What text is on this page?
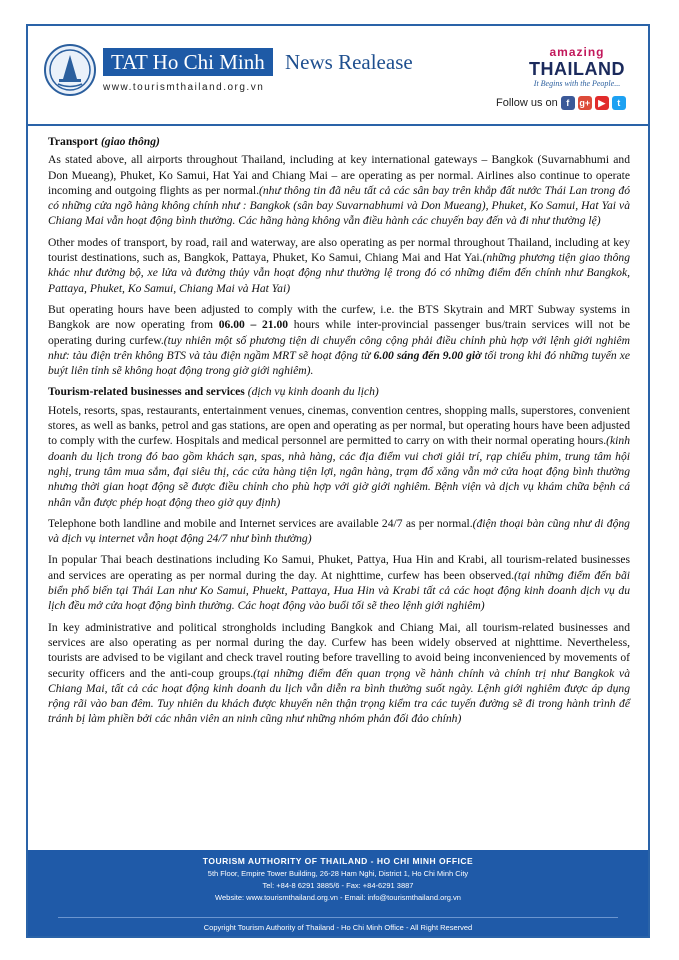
TAT Ho Chi Minh News Realease
www.tourismthailand.org.vn
amazing
THAILAND
It Begins with the People...
Follow us on f	g+ ▶	t

Transport (giao thông)

As stated above, all airports throughout Thailand, including at key international gateways – Bangkok (Suvarnabhumi and Don Mueang), Phuket, Ko Samui, Hat Yai and Chiang Mai – are operating as per normal. Airlines also continue to operate incoming and outgoing flights as per normal.(như thông tin đã nêu tất cả các sân bay trên khắp đất nước Thái Lan trong đó có những cửa ngõ hàng không chính như : Bangkok (sân bay Suvarnabhumi và Don Mueang), Phuket, Ko Samui, Hat Yai và Chiang Mai vẫn hoạt động bình thường. Các hãng hàng không vẫn điều hành các chuyến bay đến và đi như thường lệ)

Other modes of transport, by road, rail and waterway, are also operating as per normal throughout Thailand, including at key tourist destinations, such as, Bangkok, Pattaya, Phuket, Ko Samui, Chiang Mai and Hat Yai.(những phương tiện giao thông khác như đường bộ, xe lửa và đường thủy vẫn hoạt động như thường lệ trong đó có những điểm đến chính như Bangkok, Pattaya, Phuket, Ko Samui, Chiang Mai và Hat Yai)

But operating hours have been adjusted to comply with the curfew, i.e. the BTS Skytrain and MRT Subway systems in Bangkok are now operating from 06.00 – 21.00 hours while inter-provincial passenger bus/train services will not be operating during curfew.(tuy nhiên một số phương tiện di chuyển công cộng phải điều chỉnh phù hợp với lệnh giới nghiêm như: tàu điện trên không BTS và tàu điện ngầm MRT sẽ hoạt động từ 6.00 sáng đến 9.00 giờ tối trong khi đó những tuyến xe buýt liên tỉnh sẽ không hoạt động trong giờ giới nghiêm).

Tourism-related businesses and services (dịch vụ kinh doanh du lịch)

Hotels, resorts, spas, restaurants, entertainment venues, cinemas, convention centres, shopping malls, superstores, convenient stores, as well as banks, petrol and gas stations, are open and operating as per normal, but operating hours have been adjusted to comply with the curfew. Hospitals and medical personnel are permitted to carry on with their normal operating hours.(kinh doanh du lịch trong đó bao gồm khách sạn, spas, nhà hàng, các địa điểm vui chơi giải trí, rạp chiếu phim, trung tâm hội nghị, trung tâm mua sắm, đại siêu thị, các cửa hàng tiện lợi, ngân hàng, trạm đổ xăng vẫn mở cửa hoạt động bình thường nhưng thời gian hoạt động sẽ được điều chỉnh cho phù hợp với giờ giới nghiêm. Bệnh viện và dịch vụ khám chữa bệnh cá nhân vẫn được phép hoạt động theo giờ quy định)

Telephone both landline and mobile and Internet services are available 24/7 as per normal.(điện thoại bàn cũng như di động và dịch vụ internet vẫn hoạt động 24/7 như bình thường)

In popular Thai beach destinations including Ko Samui, Phuket, Pattya, Hua Hin and Krabi, all tourism-related businesses and services are operating as per normal during the day. At nighttime, curfew has been observed.(tại những điểm đến bãi biển phổ biến tại Thái Lan như Ko Samui, Phuekt, Pattaya, Hua Hin và Krabi tất cả các hoạt động kinh doanh dịch vụ du lịch đều mở cửa hoạt động bình thường. Các hoạt động vào buổi tối sẽ theo lệnh giới nghiêm)

In key administrative and political strongholds including Bangkok and Chiang Mai, all tourism-related businesses and services are also operating as per normal during the day. Curfew has been widely observed at nighttime. Nevertheless, tourists are advised to be vigilant and check travel routing before travelling to avoid being inconvenienced by movements of security officers and the anti-coup groups.(tại những điểm đến quan trọng về hành chính và chính trị như Bangkok và Chiang Mai, tất cả các hoạt động kinh doanh du lịch vẫn diễn ra bình thường suốt ngày. Lệnh giới nghiêm được áp dụng rộng rãi vào ban đêm. Tuy nhiên du khách được khuyến nên thận trọng kiểm tra các tuyến đường sẽ đi trong hành trình để tránh bị làm phiền bởi các nhân viên an ninh cũng như những nhóm phản đối đảo chính)

TOURISM AUTHORITY OF THAILAND - HO CHI MINH OFFICE
5th Floor, Empire Tower Building, 26-28 Ham Nghi, District 1, Ho Chi Minh City
Tel: +84-8 6291 3885/6 - Fax: +84-6291 3887
Website: www.tourismthailand.org.vn - Email: info@tourismthailand.org.vn
Copyright Tourism Authority of Thailand - Ho Chi Minh Office - All Right Reserved
